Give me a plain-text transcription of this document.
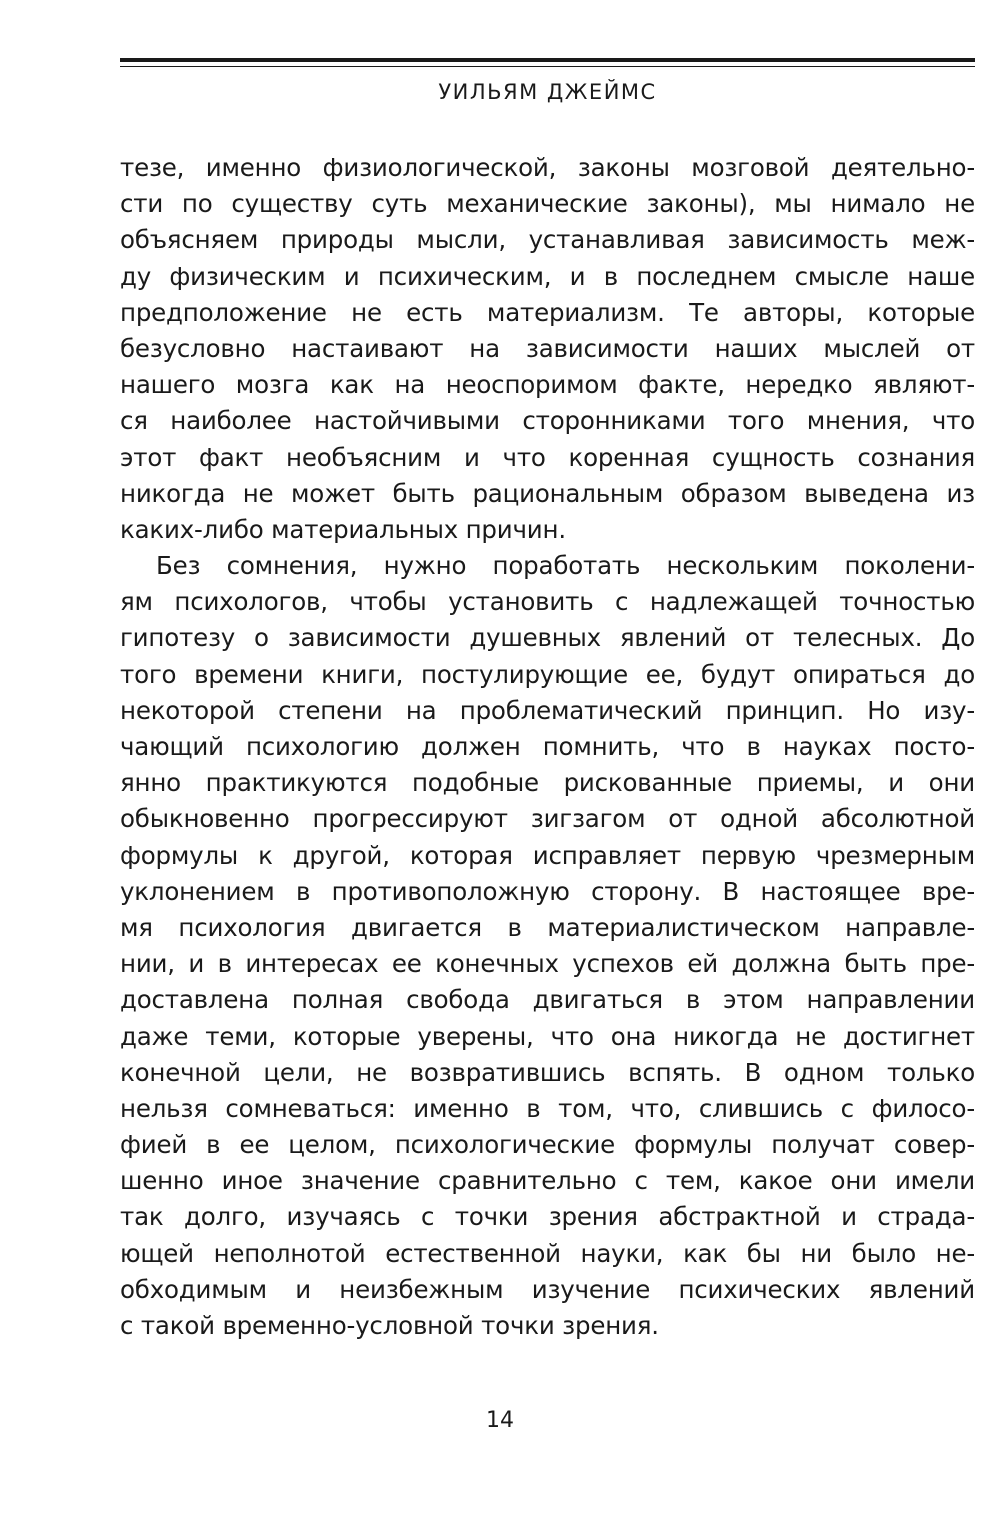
УИЛЬЯМ ДЖЕЙМС
тезе, именно физиологической, законы мозговой деятельно-
сти по существу суть механические законы), мы нимало не
объясняем природы мысли, устанавливая зависимость меж-
ду физическим и психическим, и в последнем смысле наше
предположение не есть материализм. Те авторы, которые
безусловно настаивают на зависимости наших мыслей от
нашего мозга как на неоспоримом факте, нередко являют-
ся наиболее настойчивыми сторонниками того мнения, что
этот факт необъясним и что коренная сущность сознания
никогда не может быть рациональным образом выведена из
каких-либо материальных причин.
Без сомнения, нужно поработать нескольким поколени-
ям психологов, чтобы установить с надлежащей точностью
гипотезу о зависимости душевных явлений от телесных. До
того времени книги, постулирующие ее, будут опираться до
некоторой степени на проблематический принцип. Но изу-
чающий психологию должен помнить, что в науках посто-
янно практикуются подобные рискованные приемы, и они
обыкновенно прогрессируют зигзагом от одной абсолютной
формулы к другой, которая исправляет первую чрезмерным
уклонением в противоположную сторону. В настоящее вре-
мя психология двигается в материалистическом направле-
нии, и в интересах ее конечных успехов ей должна быть пре-
доставлена полная свобода двигаться в этом направлении
даже теми, которые уверены, что она никогда не достигнет
конечной цели, не возвратившись вспять. В одном только
нельзя сомневаться: именно в том, что, слившись с филосо-
фией в ее целом, психологические формулы получат совер-
шенно иное значение сравнительно с тем, какое они имели
так долго, изучаясь с точки зрения абстрактной и страда-
ющей неполнотой естественной науки, как бы ни было не-
обходимым и неизбежным изучение психических явлений
с такой временно-условной точки зрения.
14
